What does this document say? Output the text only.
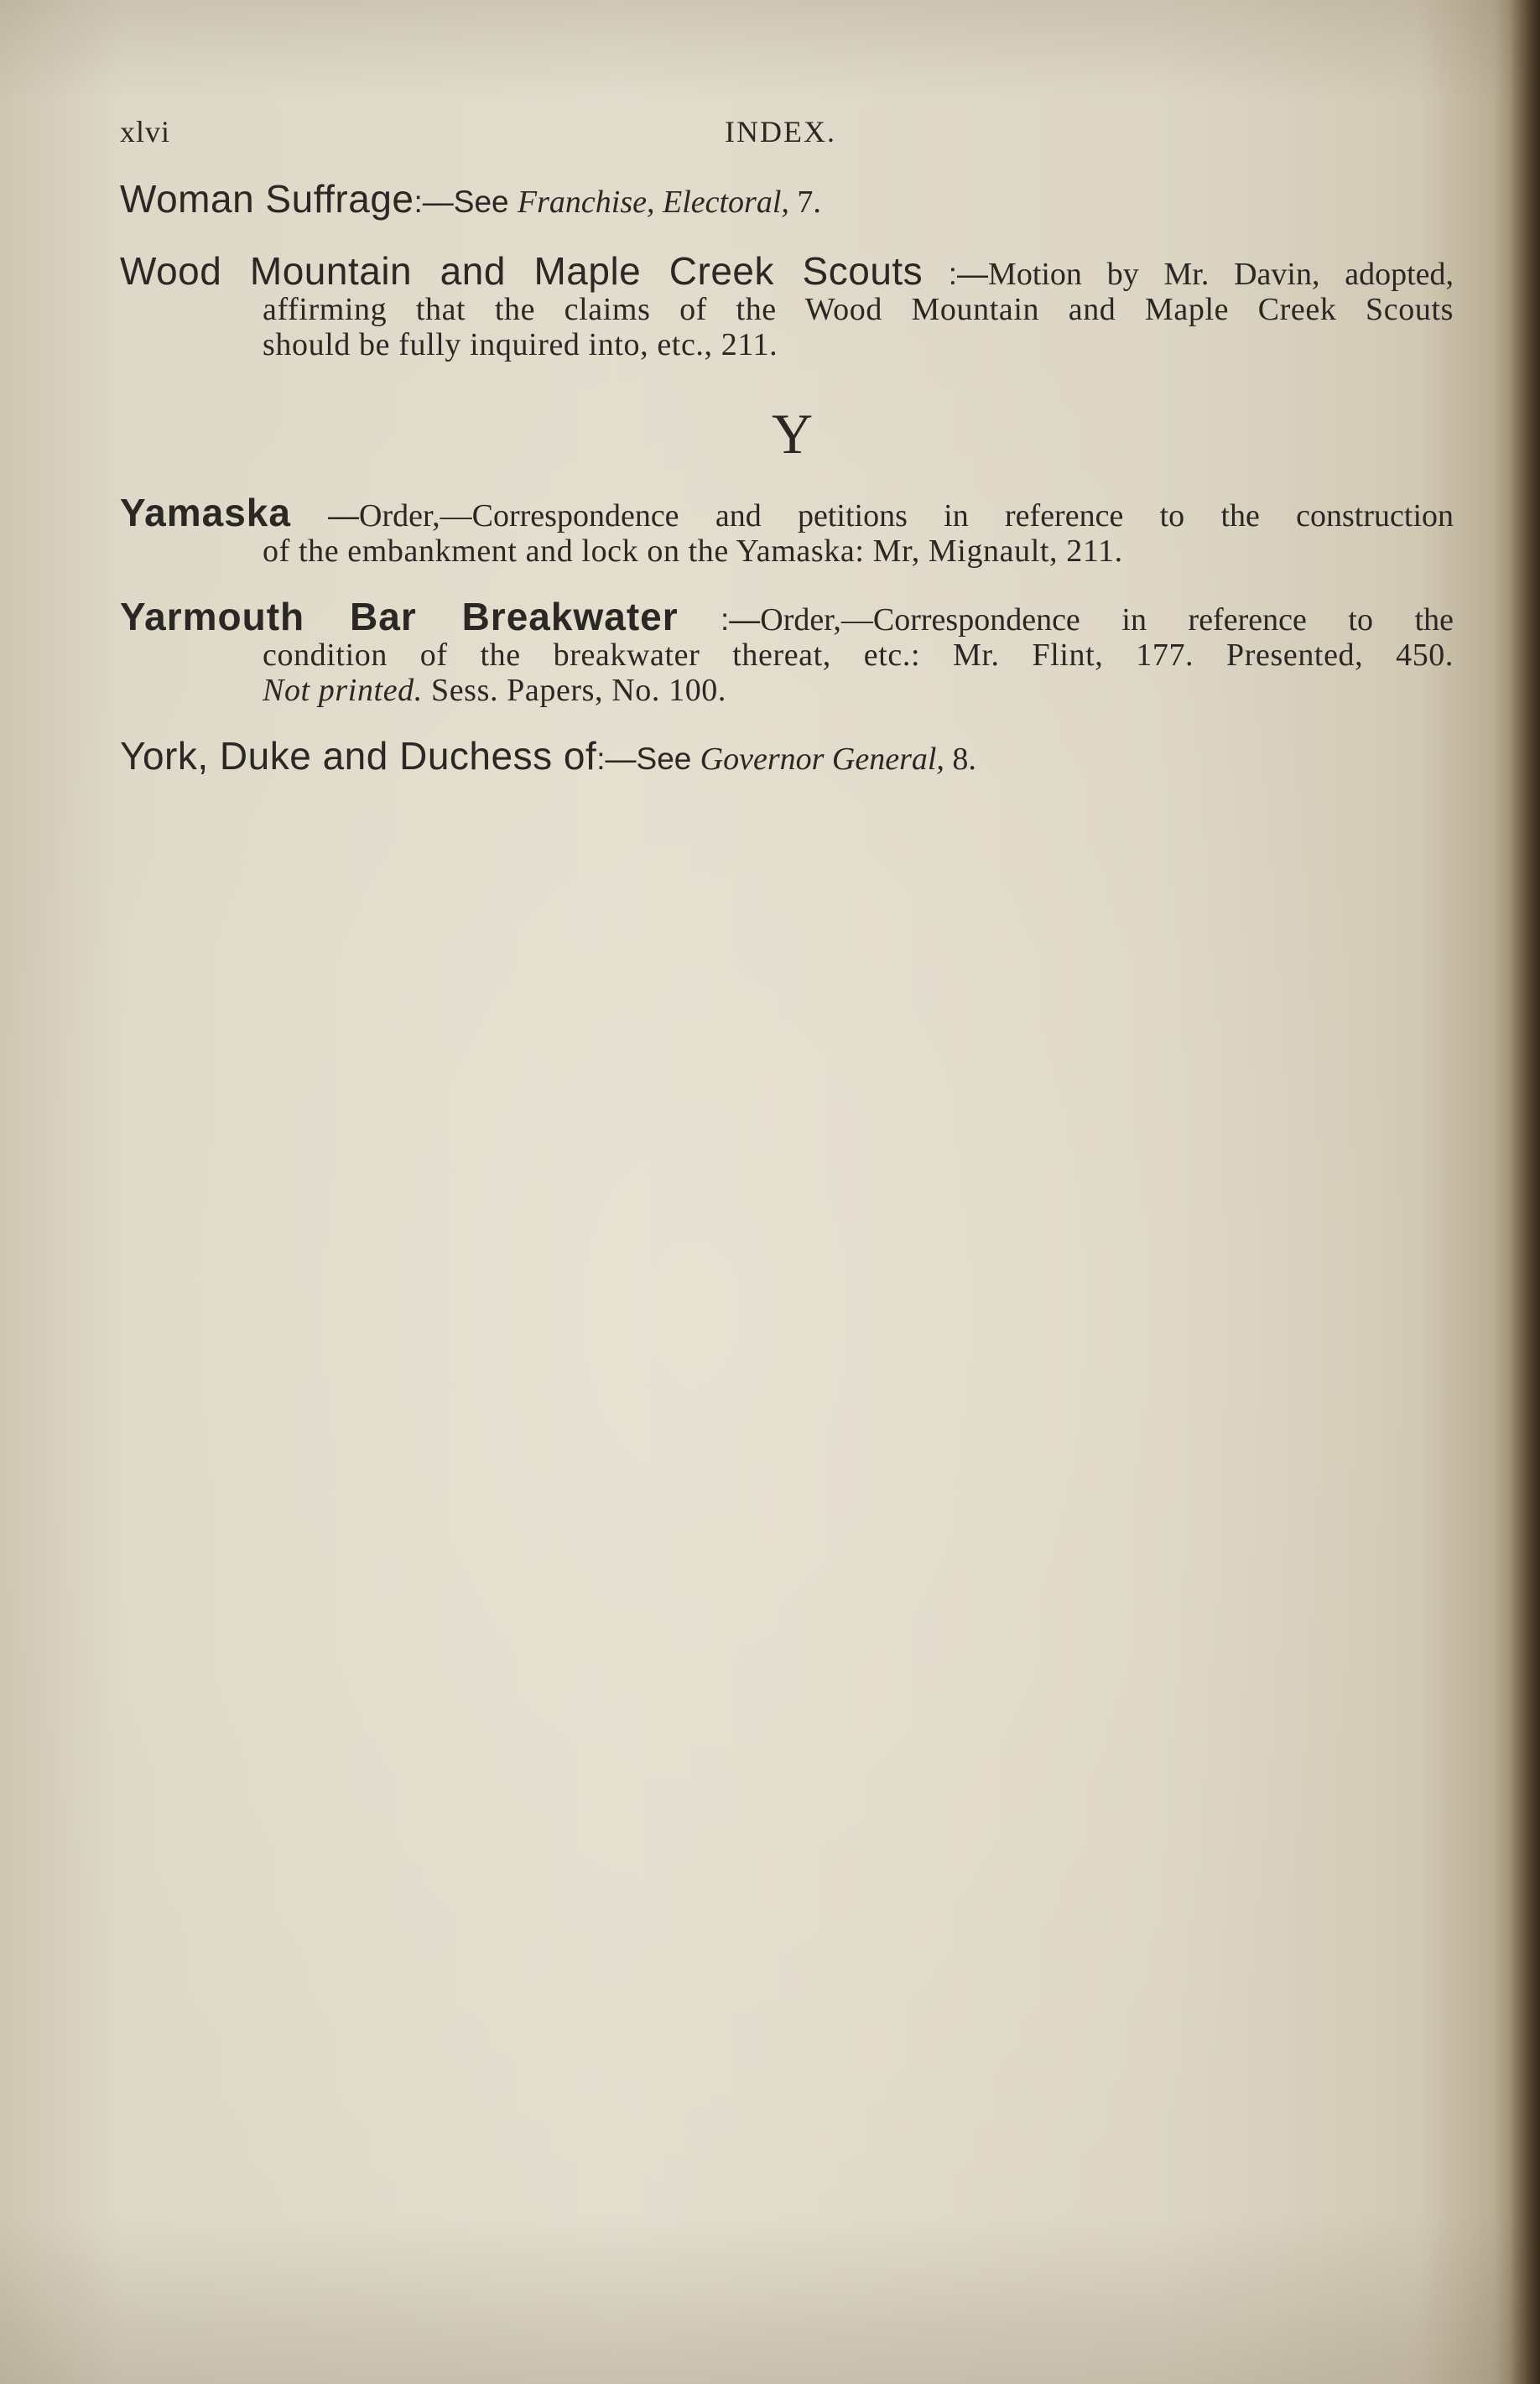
xlvi	INDEX.
Woman Suffrage:—See Franchise, Electoral, 7.
Wood Mountain and Maple Creek Scouts :—Motion by Mr. Davin, adopted,
affirming that the claims of the Wood Mountain and Maple Creek Scouts
should be fully inquired into, etc., 211.
Y
Yamaska —Order,—Correspondence and petitions in reference to the construction
of the embankment and lock on the Yamaska: Mr, Mignault, 211.
Yarmouth Bar Breakwater :—Order,—Correspondence in reference to the
condition of the breakwater thereat, etc.: Mr. Flint, 177. Presented, 450.
Not printed. Sess. Papers, No. 100.
York, Duke and Duchess of:—See Governor General, 8.
